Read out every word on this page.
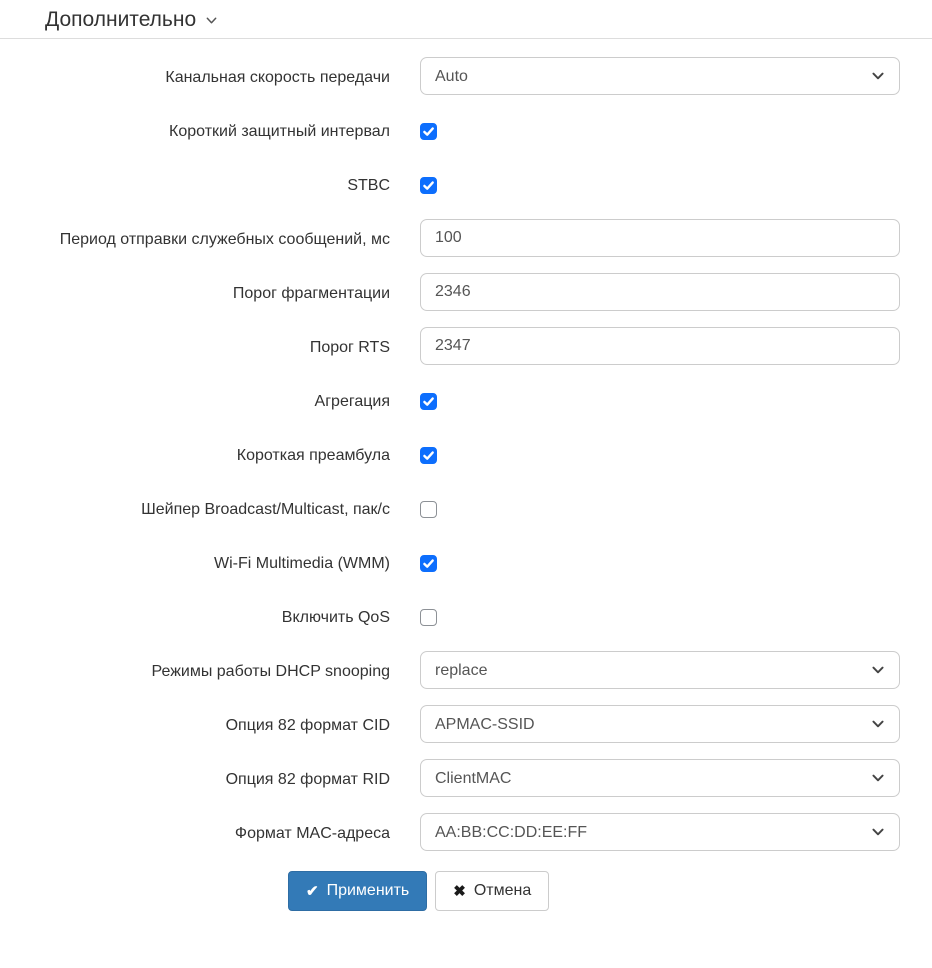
Дополнительно
Канальная скорость передачи
Auto
Короткий защитный интервал
STBC
Период отправки служебных сообщений, мс
100
Порог фрагментации
2346
Порог RTS
2347
Агрегация
Короткая преамбула
Шейпер Broadcast/Multicast, пак/с
Wi-Fi Multimedia (WMM)
Включить QoS
Режимы работы DHCP snooping
replace
Опция 82 формат CID
APMAC-SSID
Опция 82 формат RID
ClientMAC
Формат MAC-адреса
AA:BB:CC:DD:EE:FF
✔ Применить	✖ Отмена
